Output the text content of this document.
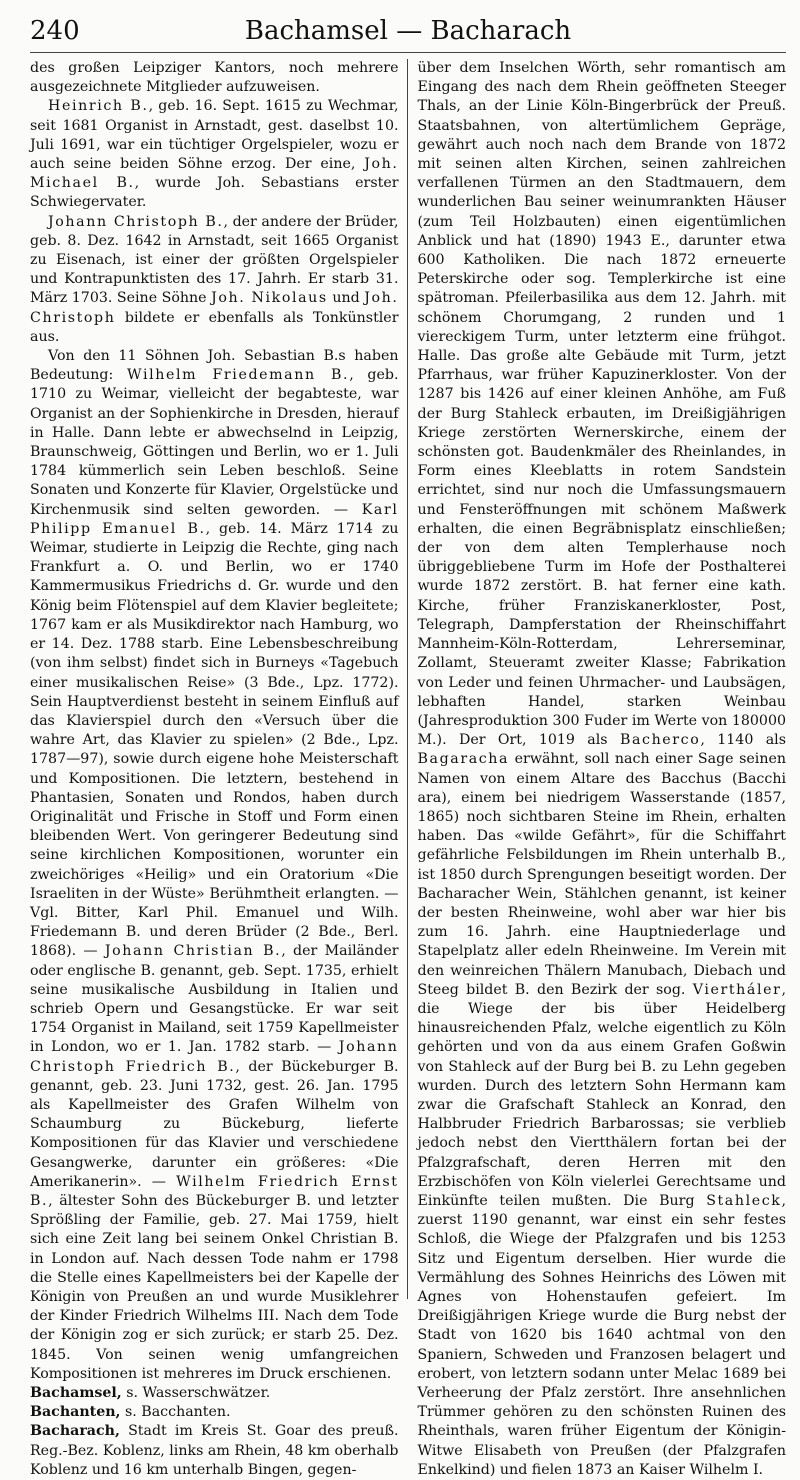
240	Bachamsel — Bacharach

des großen Leipziger Kantors, noch mehrere ausgezeichnete Mitglieder aufzuweisen.

Heinrich B., geb. 16. Sept. 1615 zu Wechmar, seit 1681 Organist in Arnstadt, gest. daselbst 10. Juli 1691, war ein tüchtiger Orgelspieler, wozu er auch seine beiden Söhne erzog. Der eine, Joh. Michael B., wurde Joh. Sebastians erster Schwiegervater.

Johann Christoph B., der andere der Brüder, geb. 8. Dez. 1642 in Arnstadt, seit 1665 Organist zu Eisenach, ist einer der größten Orgelspieler und Kontrapunktisten des 17. Jahrh. Er starb 31. März 1703. Seine Söhne Joh. Nikolaus und Joh. Christoph bildete er ebenfalls als Tonkünstler aus.

Von den 11 Söhnen Joh. Sebastian B.s haben Bedeutung: Wilhelm Friedemann B., geb. 1710 zu Weimar, vielleicht der begabteste, war Organist an der Sophienkirche in Dresden, hierauf in Halle. Dann lebte er abwechselnd in Leipzig, Braunschweig, Göttingen und Berlin, wo er 1. Juli 1784 kümmerlich sein Leben beschloß. Seine Sonaten und Konzerte für Klavier, Orgelstücke und Kirchenmusik sind selten geworden. — Karl Philipp Emanuel B., geb. 14. März 1714 zu Weimar, studierte in Leipzig die Rechte, ging nach Frankfurt a. O. und Berlin, wo er 1740 Kammermusikus Friedrichs d. Gr. wurde und den König beim Flötenspiel auf dem Klavier begleitete; 1767 kam er als Musikdirektor nach Hamburg, wo er 14. Dez. 1788 starb. Eine Lebensbeschreibung (von ihm selbst) findet sich in Burneys «Tagebuch einer musikalischen Reise» (3 Bde., Lpz. 1772). Sein Hauptverdienst besteht in seinem Einfluß auf das Klavierspiel durch den «Versuch über die wahre Art, das Klavier zu spielen» (2 Bde., Lpz. 1787—97), sowie durch eigene hohe Meisterschaft und Kompositionen. Die letztern, bestehend in Phantasien, Sonaten und Rondos, haben durch Originalität und Frische in Stoff und Form einen bleibenden Wert. Von geringerer Bedeutung sind seine kirchlichen Kompositionen, worunter ein zweichöriges «Heilig» und ein Oratorium «Die Israeliten in der Wüste» Berühmtheit erlangten. — Vgl. Bitter, Karl Phil. Emanuel und Wilh. Friedemann B. und deren Brüder (2 Bde., Berl. 1868). — Johann Christian B., der Mailänder oder englische B. genannt, geb. Sept. 1735, erhielt seine musikalische Ausbildung in Italien und schrieb Opern und Gesangstücke. Er war seit 1754 Organist in Mailand, seit 1759 Kapellmeister in London, wo er 1. Jan. 1782 starb. — Johann Christoph Friedrich B., der Bückeburger B. genannt, geb. 23. Juni 1732, gest. 26. Jan. 1795 als Kapellmeister des Grafen Wilhelm von Schaumburg zu Bückeburg, lieferte Kompositionen für das Klavier und verschiedene Gesangwerke, darunter ein größeres: «Die Amerikanerin». — Wilhelm Friedrich Ernst B., ältester Sohn des Bückeburger B. und letzter Sprößling der Familie, geb. 27. Mai 1759, hielt sich eine Zeit lang bei seinem Onkel Christian B. in London auf. Nach dessen Tode nahm er 1798 die Stelle eines Kapellmeisters bei der Kapelle der Königin von Preußen an und wurde Musiklehrer der Kinder Friedrich Wilhelms III. Nach dem Tode der Königin zog er sich zurück; er starb 25. Dez. 1845. Von seinen wenig umfangreichen Kompositionen ist mehreres im Druck erschienen.

Bachamsel, s. Wasserschwätzer.

Bachanten, s. Bacchanten.

Bacharach, Stadt im Kreis St. Goar des preuß. Reg.-Bez. Koblenz, links am Rhein, 48 km oberhalb Koblenz und 16 km unterhalb Bingen, gegen-

über dem Inselchen Wörth, sehr romantisch am Eingang des nach dem Rhein geöffneten Steeger Thals, an der Linie Köln-Bingerbrück der Preuß. Staatsbahnen, von altertümlichem Gepräge, gewährt auch noch nach dem Brande von 1872 mit seinen alten Kirchen, seinen zahlreichen verfallenen Türmen an den Stadtmauern, dem wunderlichen Bau seiner weinumrankten Häuser (zum Teil Holzbauten) einen eigentümlichen Anblick und hat (1890) 1943 E., darunter etwa 600 Katholiken. Die nach 1872 erneuerte Peterskirche oder sog. Templerkirche ist eine spätroman. Pfeilerbasilika aus dem 12. Jahrh. mit schönem Chorumgang, 2 runden und 1 viereckigem Turm, unter letzterm eine frühgot. Halle. Das große alte Gebäude mit Turm, jetzt Pfarrhaus, war früher Kapuzinerkloster. Von der 1287 bis 1426 auf einer kleinen Anhöhe, am Fuß der Burg Stahleck erbauten, im Dreißigjährigen Kriege zerstörten Wernerskirche, einem der schönsten got. Baudenkmäler des Rheinlandes, in Form eines Kleeblatts in rotem Sandstein errichtet, sind nur noch die Umfassungsmauern und Fensteröffnungen mit schönem Maßwerk erhalten, die einen Begräbnisplatz einschließen; der von dem alten Templerhause noch übriggebliebene Turm im Hofe der Posthalterei wurde 1872 zerstört. B. hat ferner eine kath. Kirche, früher Franziskanerkloster, Post, Telegraph, Dampferstation der Rheinschiffahrt Mannheim-Köln-Rotterdam, Lehrerseminar, Zollamt, Steueramt zweiter Klasse; Fabrikation von Leder und feinen Uhrmacher- und Laubsägen, lebhaften Handel, starken Weinbau (Jahresproduktion 300 Fuder im Werte von 180000 M.). Der Ort, 1019 als Bacherco, 1140 als Bagaracha erwähnt, soll nach einer Sage seinen Namen von einem Altare des Bacchus (Bacchi ara), einem bei niedrigem Wasserstande (1857, 1865) noch sichtbaren Steine im Rhein, erhalten haben. Das «wilde Gefährt», für die Schiffahrt gefährliche Felsbildungen im Rhein unterhalb B., ist 1850 durch Sprengungen beseitigt worden. Der Bacharacher Wein, Stählchen genannt, ist keiner der besten Rheinweine, wohl aber war hier bis zum 16. Jahrh. eine Hauptniederlage und Stapelplatz aller edeln Rheinweine. Im Verein mit den weinreichen Thälern Manubach, Diebach und Steeg bildet B. den Bezirk der sog. Viertháler, die Wiege der bis über Heidelberg hinausreichenden Pfalz, welche eigentlich zu Köln gehörten und von da aus einem Grafen Goßwin von Stahleck auf der Burg bei B. zu Lehn gegeben wurden. Durch des letztern Sohn Hermann kam zwar die Grafschaft Stahleck an Konrad, den Halbbruder Friedrich Barbarossas; sie verblieb jedoch nebst den Viertthälern fortan bei der Pfalzgrafschaft, deren Herren mit den Erzbischöfen von Köln vielerlei Gerechtsame und Einkünfte teilen mußten. Die Burg Stahleck, zuerst 1190 genannt, war einst ein sehr festes Schloß, die Wiege der Pfalzgrafen und bis 1253 Sitz und Eigentum derselben. Hier wurde die Vermählung des Sohnes Heinrichs des Löwen mit Agnes von Hohenstaufen gefeiert. Im Dreißigjährigen Kriege wurde die Burg nebst der Stadt von 1620 bis 1640 achtmal von den Spaniern, Schweden und Franzosen belagert und erobert, von letztern sodann unter Melac 1689 bei Verheerung der Pfalz zerstört. Ihre ansehnlichen Trümmer gehören zu den schönsten Ruinen des Rheinthals, waren früher Eigentum der Königin-Witwe Elisabeth von Preußen (der Pfalzgrafen Enkelkind) und fielen 1873 an Kaiser Wilhelm I.
